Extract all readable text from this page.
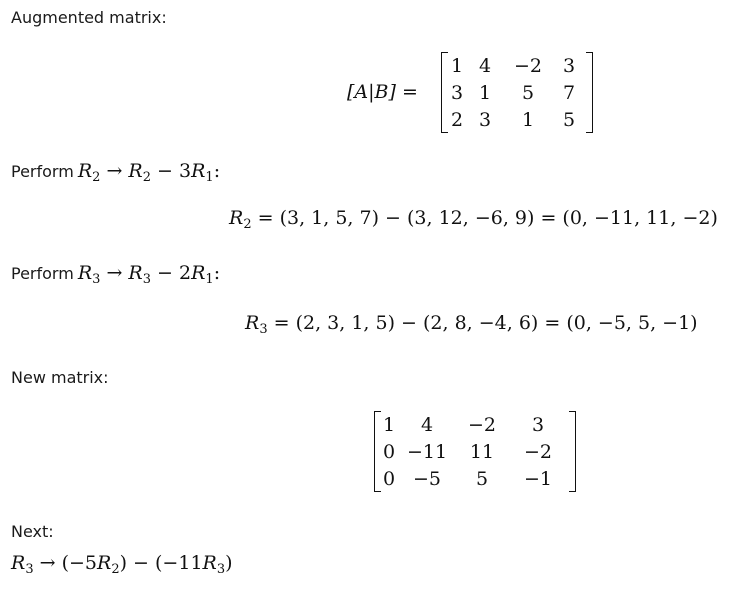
Augmented matrix:
[A|B] =
1	4	−2	3
3	1	5	7
2	3	1	5
Perform $R_2 \to R_2 - 3R_1$:
$R_2 = (3$, 1, 5, 7) − (3, 12, −6, 9) = (0, −11, 11, −2)
Perform $R_3 \to R_3 - 2R_1$:
$R_3 = (2$, 3, 1, 5) − (2, 8, −4, 6) = (0, −5, 5, −1)
New matrix:
1	4	−2	3
0	−11	11	−2
0	−5	5	−1
Next:
$R_3 \to (-5R_2) - (-11R_3)$
